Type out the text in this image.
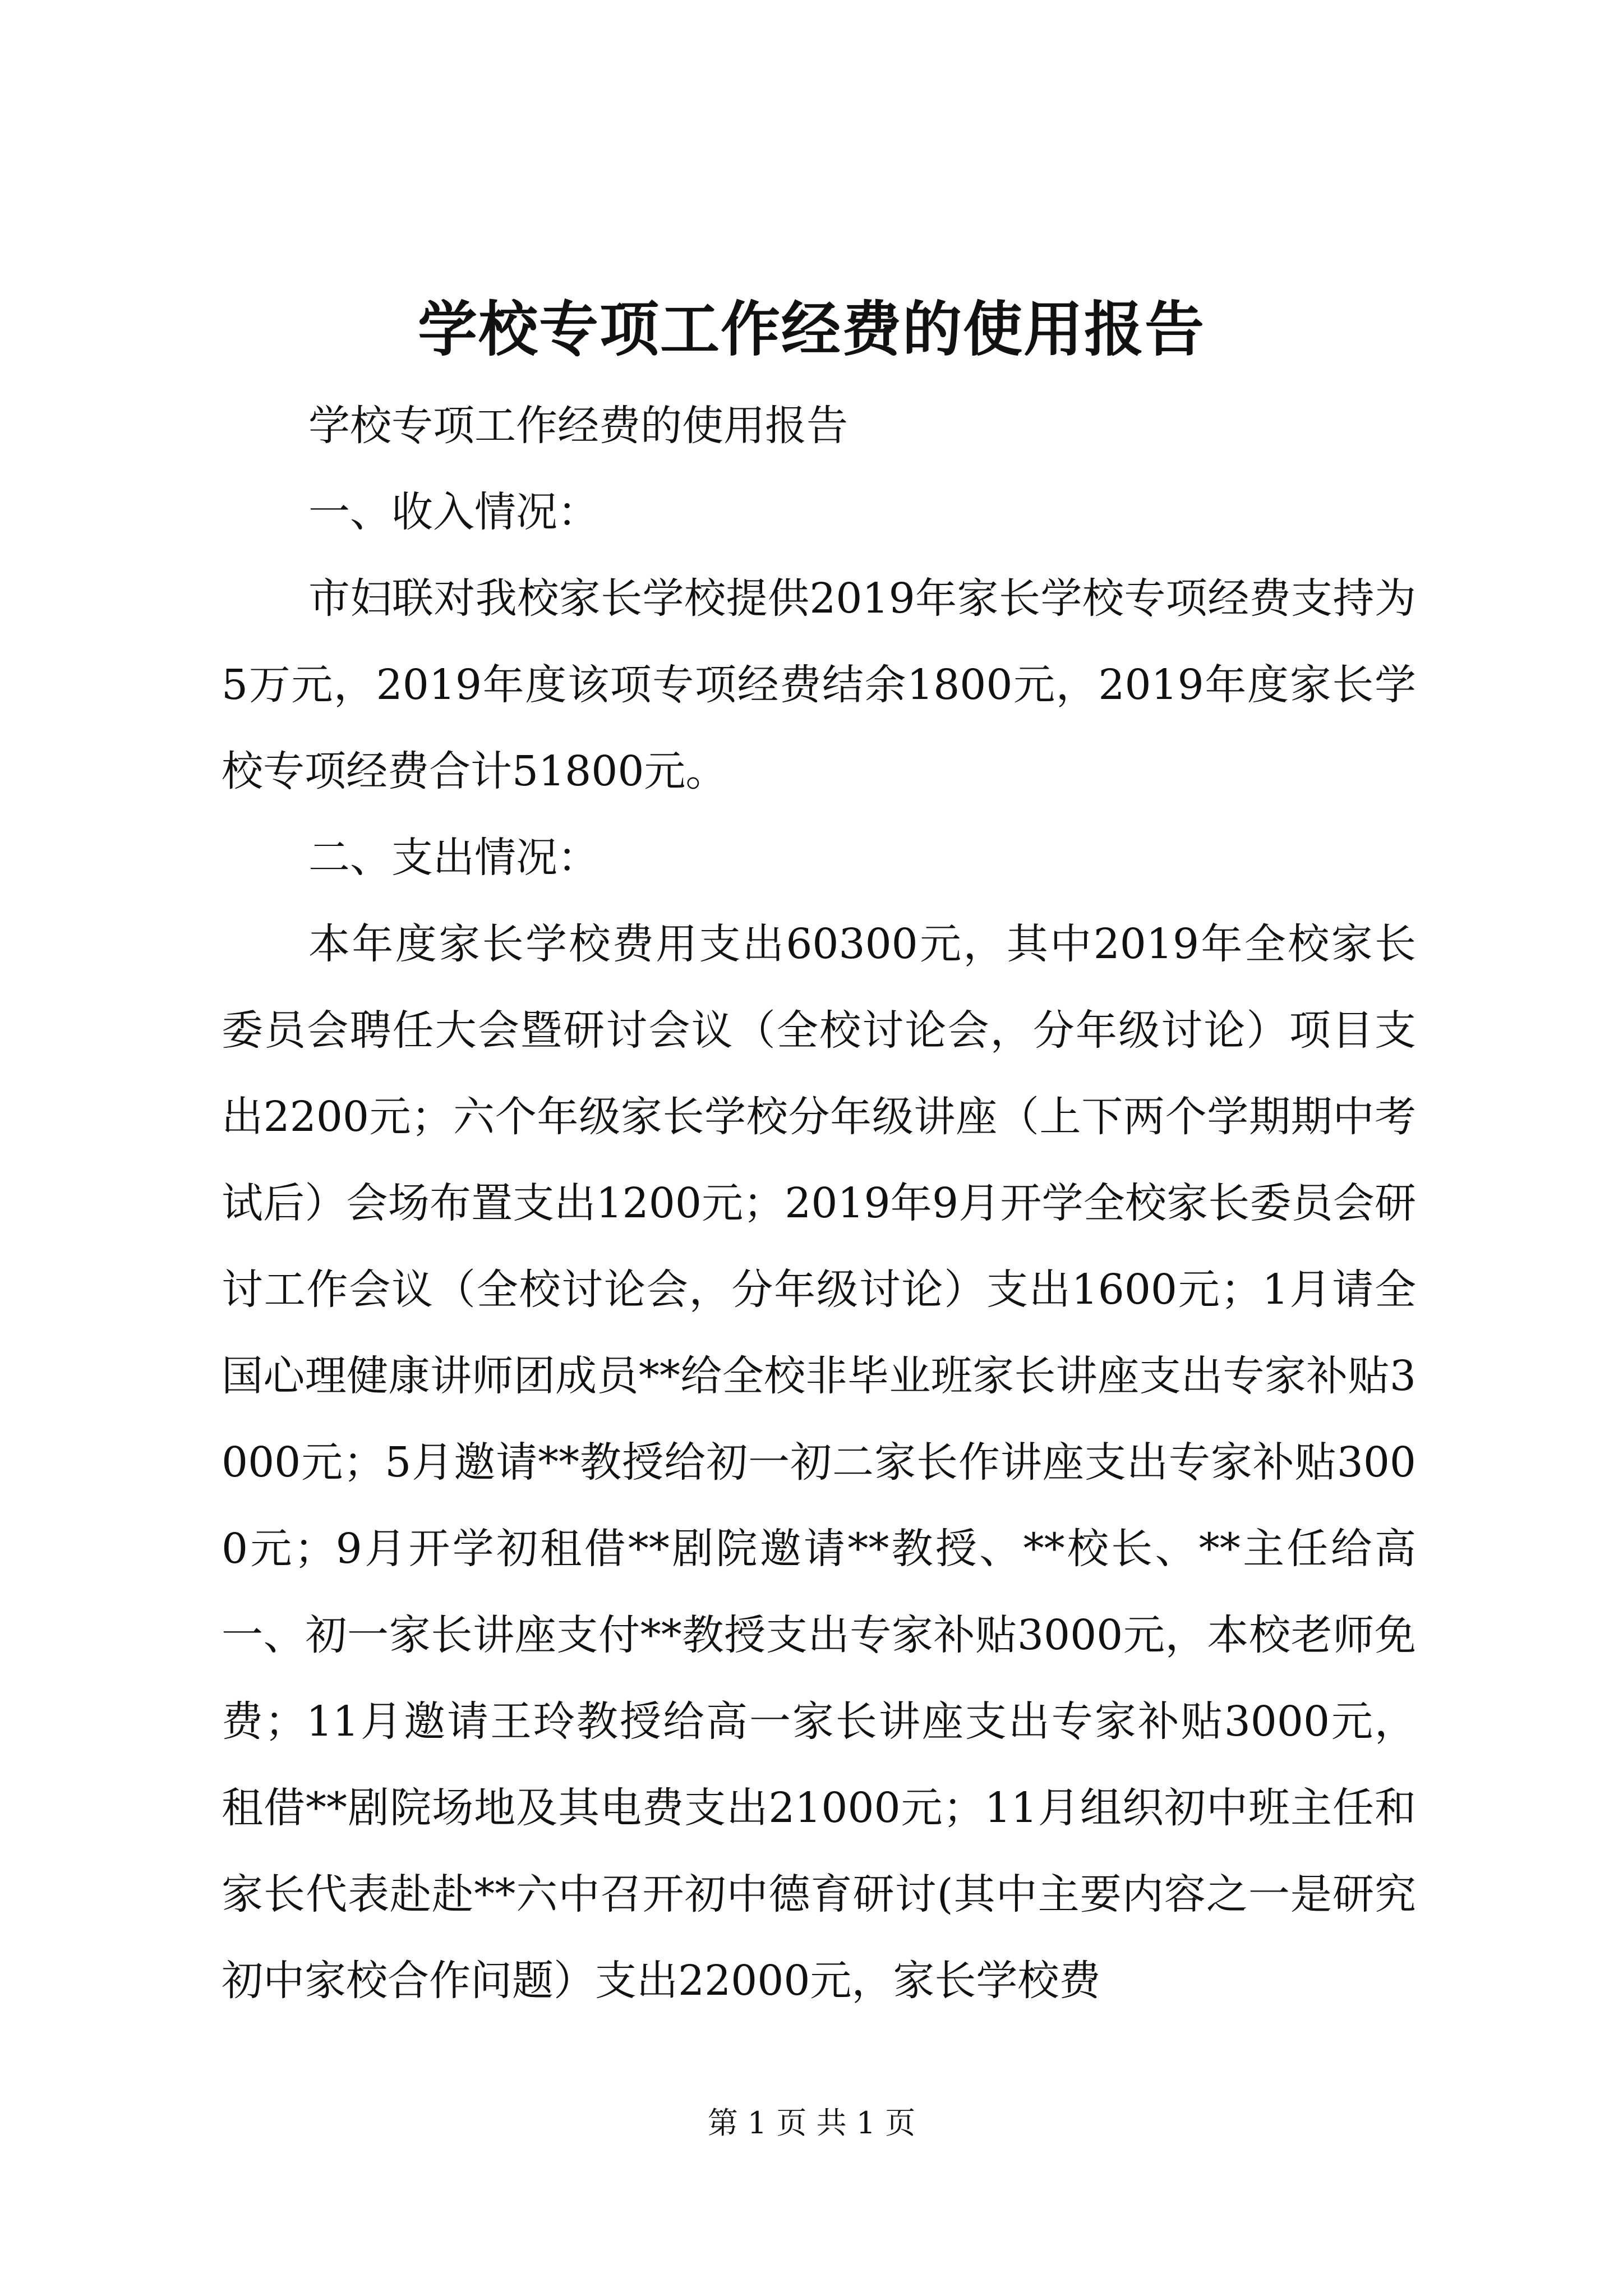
学校专项工作经费的使用报告

学校专项工作经费的使用报告

一、收入情况：

市妇联对我校家长学校提供2019年家长学校专项经费支持为5万元，2019年度该项专项经费结余1800元，2019年度家长学校专项经费合计51800元。

二、支出情况：

本年度家长学校费用支出60300元，其中2019年全校家长委员会聘任大会暨研讨会议（全校讨论会，分年级讨论）项目支出2200元；六个年级家长学校分年级讲座（上下两个学期期中考试后）会场布置支出1200元；2019年9月开学全校家长委员会研讨工作会议（全校讨论会，分年级讨论）支出1600元；1月请全国心理健康讲师团成员**给全校非毕业班家长讲座支出专家补贴3000元；5月邀请**教授给初一初二家长作讲座支出专家补贴3000元；9月开学初租借**剧院邀请**教授、**校长、**主任给高一、初一家长讲座支付**教授支出专家补贴3000元，本校老师免费；11月邀请王玲教授给高一家长讲座支出专家补贴3000元，租借**剧院场地及其电费支出21000元；11月组织初中班主任和家长代表赴赴**六中召开初中德育研讨(其中主要内容之一是研究初中家校合作问题）支出22000元，家长学校费

第 1 页 共 1 页
